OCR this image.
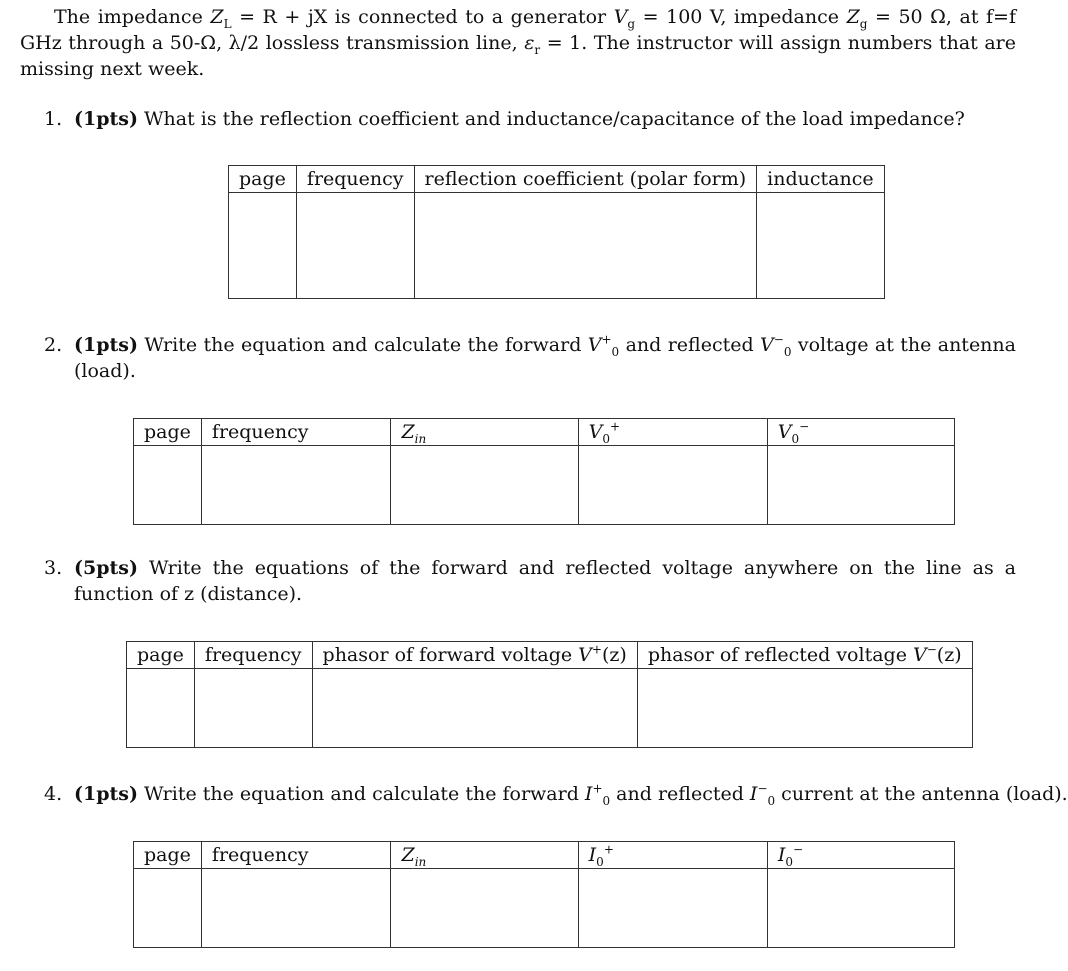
The impedance $Z_L = R$ + jX is connected to a generator $V_g = 100$ V, impedance $Z_g = 50$ Ω, at f=f GHz through a 50-Ω, λ/2 lossless transmission line, $\varepsilon_r = 1$. The instructor will assign numbers that are missing next week.

1. (1pts) What is the reflection coefficient and inductance/capacitance of the load impedance?
page	frequency	reflection coefficient (polar form)	inductance

2. (1pts) Write the equation and calculate the forward $V^+_0$ and reflected $V^-_0$ voltage at the antenna (load).
page	frequency	$Z_{in}$	$V_0^+$	$V_0^-$

3. (5pts) Write the equations of the forward and reflected voltage anywhere on the line as a function of z (distance).
page	frequency	phasor of forward voltage V+(z)	phasor of reflected voltage V−(z)

4. (1pts) Write the equation and calculate the forward $I^+_0$ and reflected $I^-_0$ current at the antenna (load).
page	frequency	$Z_{in}$	$I_0^+$	$I_0^-$
